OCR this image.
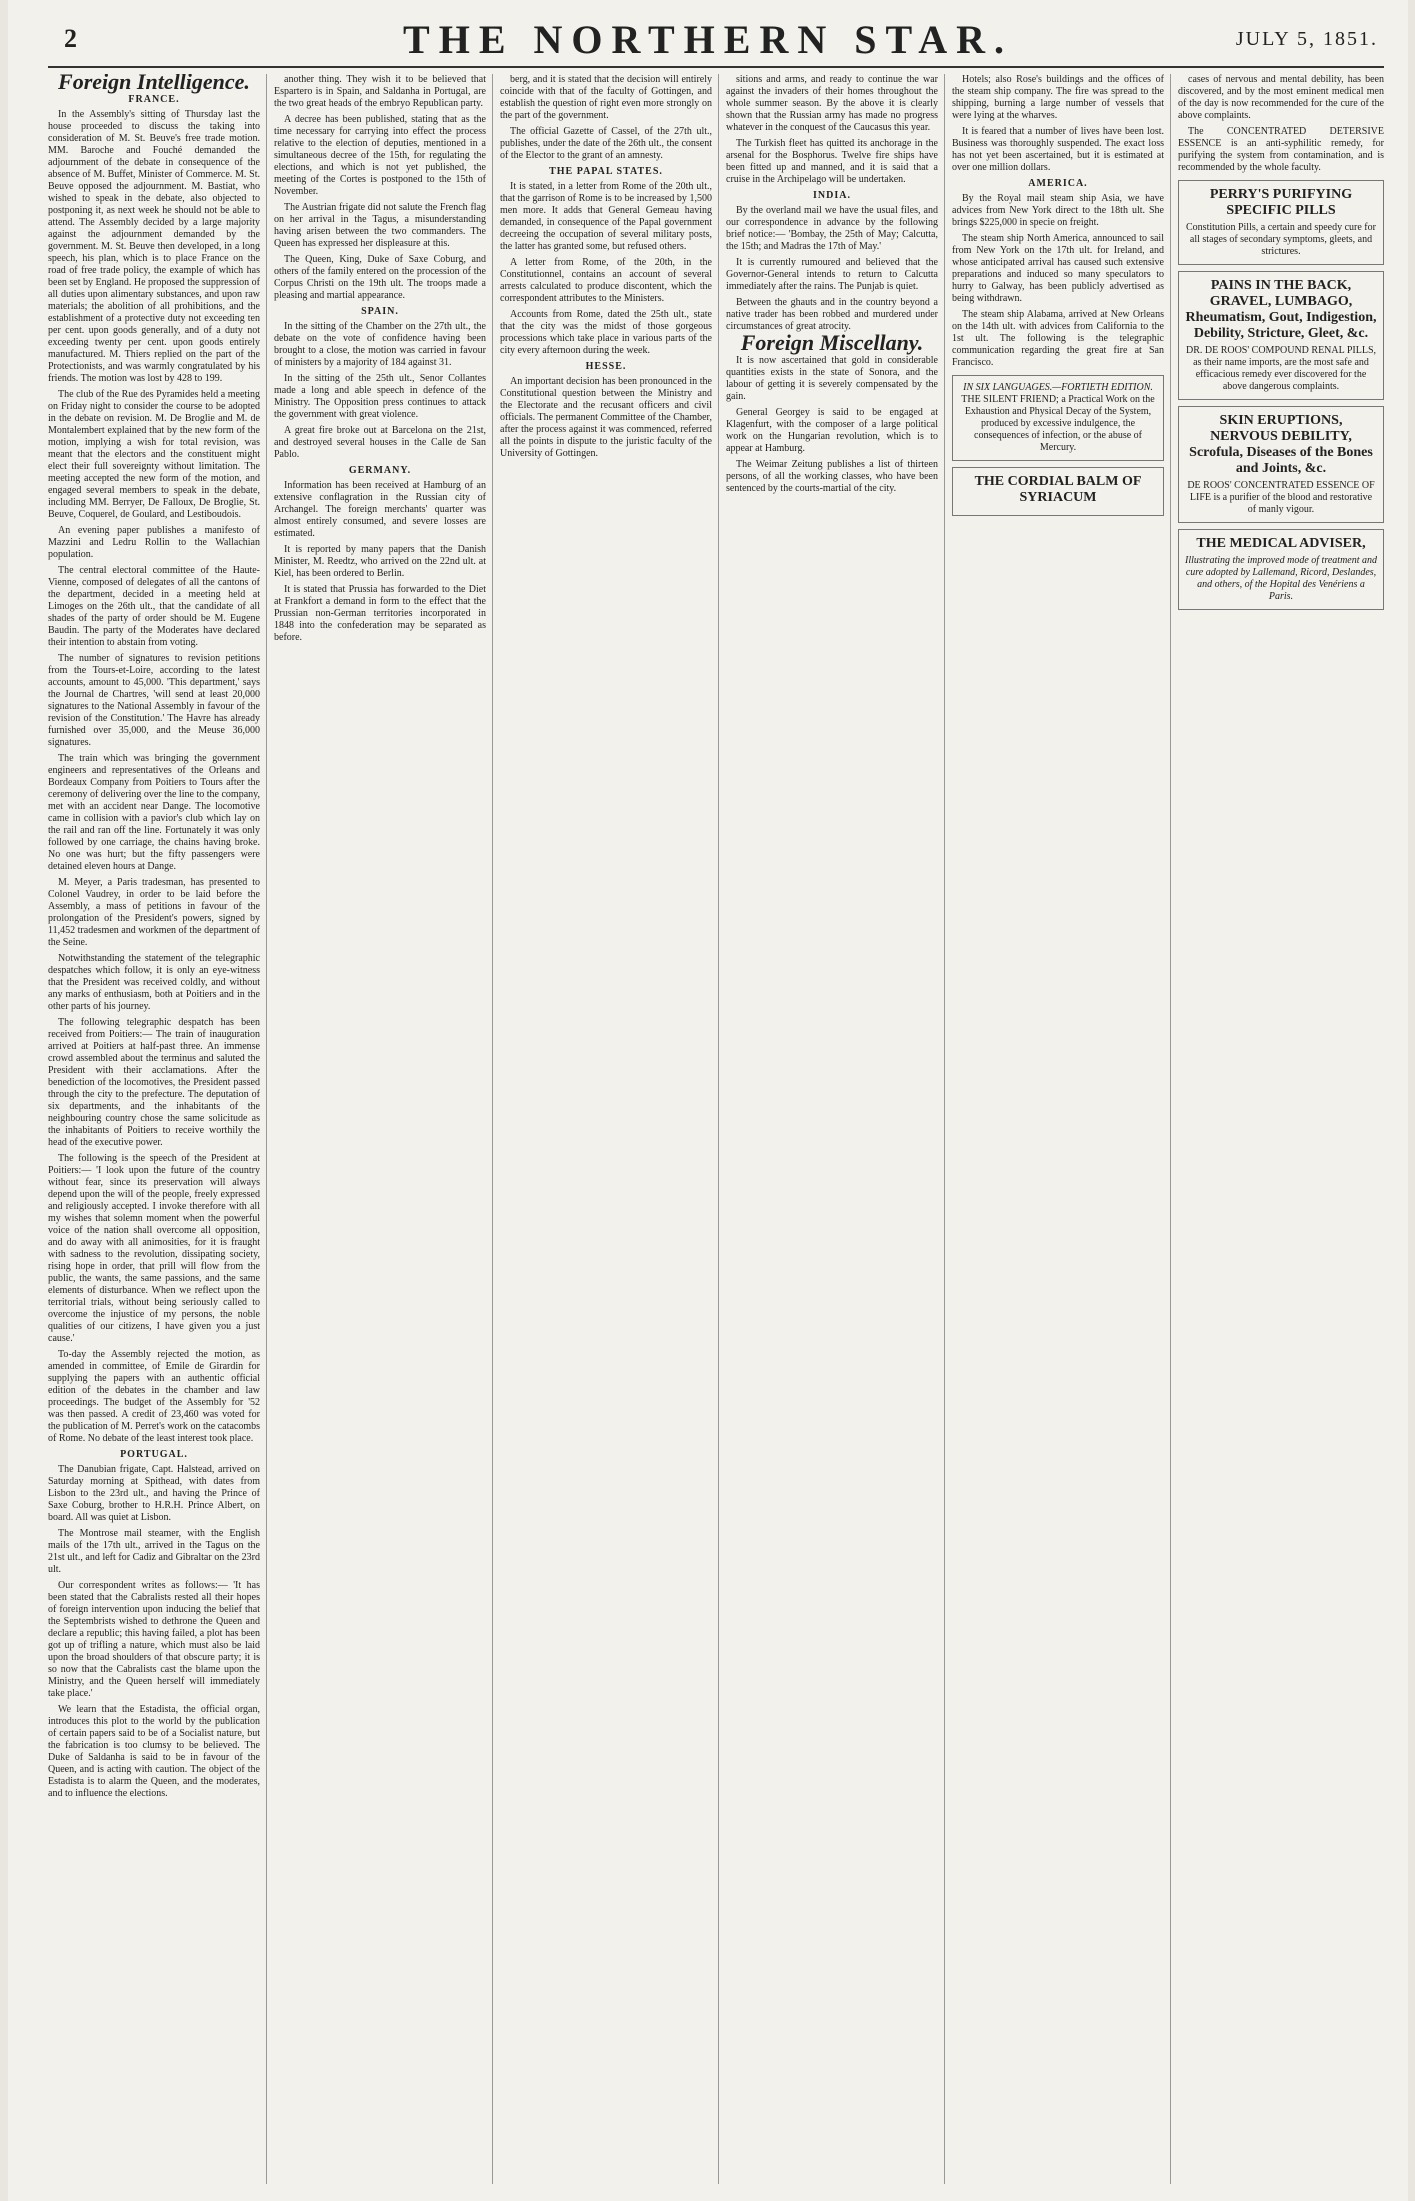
2	THE NORTHERN STAR.	JULY 5, 1851.
Foreign Intelligence.
FRANCE.

In the Assembly's sitting of Thursday last the house proceeded to discuss the taking into consideration of M. St. Beuve's free trade motion. MM. Baroche and Fouché demanded the adjournment of the debate in consequence of the absence of M. Buffet, Minister of Commerce. M. St. Beuve opposed the adjournment. M. Bastiat, who wished to speak in the debate, also objected to postponing it, as next week he should not be able to attend. The Assembly decided by a large majority against the adjournment demanded by the government. M. St. Beuve then developed, in a long speech, his plan, which is to place France on the road of free trade policy, the example of which has been set by England. He proposed the suppression of all duties upon alimentary substances, and upon raw materials; the abolition of all prohibitions, and the establishment of a protective duty not exceeding ten per cent. upon goods generally, and of a duty not exceeding twenty per cent. upon goods entirely manufactured. M. Thiers replied on the part of the Protectionists, and was warmly congratulated by his friends. The motion was lost by 428 to 199.

The club of the Rue des Pyramides held a meeting on Friday night to consider the course to be adopted in the debate on revision. M. De Broglie and M. de Montalembert explained that by the new form of the motion, implying a wish for total revision, was meant that the electors and the constituent might elect their full sovereignty without limitation. The meeting accepted the new form of the motion, and engaged several members to speak in the debate, including MM. Berryer, De Falloux, De Broglie, St. Beuve, Coquerel, de Goulard, and Lestiboudois.

An evening paper publishes a manifesto of Mazzini and Ledru Rollin to the Wallachian population.

The central electoral committee of the Haute-Vienne, composed of delegates of all the cantons of the department, decided in a meeting held at Limoges on the 26th ult., that the candidate of all shades of the party of order should be M. Eugene Baudin. The party of the Moderates have declared their intention to abstain from voting.

The number of signatures to revision petitions from the Tours-et-Loire, according to the latest accounts, amount to 45,000. 'This department,' says the Journal de Chartres, 'will send at least 20,000 signatures to the National Assembly in favour of the revision of the Constitution.' The Havre has already furnished over 35,000, and the Meuse 36,000 signatures.

The train which was bringing the government engineers and representatives of the Orleans and Bordeaux Company from Poitiers to Tours after the ceremony of delivering over the line to the company, met with an accident near Dange. The locomotive came in collision with a pavior's club which lay on the rail and ran off the line. Fortunately it was only followed by one carriage, the chains having broke. No one was hurt; but the fifty passengers were detained eleven hours at Dange.

M. Meyer, a Paris tradesman, has presented to Colonel Vaudrey, in order to be laid before the Assembly, a mass of petitions in favour of the prolongation of the President's powers, signed by 11,452 tradesmen and workmen of the department of the Seine.

Notwithstanding the statement of the telegraphic despatches which follow, it is only an eye-witness that the President was received coldly, and without any marks of enthusiasm, both at Poitiers and in the other parts of his journey.

The following telegraphic despatch has been received from Poitiers:— The train of inauguration arrived at Poitiers at half-past three. An immense crowd assembled about the terminus and saluted the President with their acclamations. After the benediction of the locomotives, the President passed through the city to the prefecture. The deputation of six departments, and the inhabitants of the neighbouring country chose the same solicitude as the inhabitants of Poitiers to receive worthily the head of the executive power.

The following is the speech of the President at Poitiers:— 'I look upon the future of the country without fear, since its preservation will always depend upon the will of the people, freely expressed and religiously accepted. I invoke therefore with all my wishes that solemn moment when the powerful voice of the nation shall overcome all opposition, and do away with all animosities, for it is fraught with sadness to the revolution, dissipating society, rising hope in order, that prill will flow from the public, the wants, the same passions, and the same elements of disturbance. When we reflect upon the territorial trials, without being seriously called to overcome the injustice of my persons, the noble qualities of our citizens, I have given you a just cause.'

To-day the Assembly rejected the motion, as amended in committee, of Emile de Girardin for supplying the papers with an authentic official edition of the debates in the chamber and law proceedings. The budget of the Assembly for '52 was then passed. A credit of 23,460 was voted for the publication of M. Perret's work on the catacombs of Rome. No debate of the least interest took place.

PORTUGAL.

The Danubian frigate, Capt. Halstead, arrived on Saturday morning at Spithead, with dates from Lisbon to the 23rd ult., and having the Prince of Saxe Coburg, brother to H.R.H. Prince Albert, on board. All was quiet at Lisbon.

The Montrose mail steamer, with the English mails of the 17th ult., arrived in the Tagus on the 21st ult., and left for Cadiz and Gibraltar on the 23rd ult.

Our correspondent writes as follows:— 'It has been stated that the Cabralists rested all their hopes of foreign intervention upon inducing the belief that the Septembrists wished to dethrone the Queen and declare a republic; this having failed, a plot has been got up of trifling a nature, which must also be laid upon the broad shoulders of that obscure party; it is so now that the Cabralists cast the blame upon the Ministry, and the Queen herself will immediately take place.'

We learn that the Estadista, the official organ, introduces this plot to the world by the publication of certain papers said to be of a Socialist nature, but the fabrication is too clumsy to be believed. The Duke of Saldanha is said to be in favour of the Queen, and is acting with caution. The object of the Estadista is to alarm the Queen, and the moderates, and to influence the elections.

another thing. They wish it to be believed that Espartero is in Spain, and Saldanha in Portugal, are the two great heads of the embryo Republican party.

A decree has been published, stating that as the time necessary for carrying into effect the process relative to the election of deputies, mentioned in a simultaneous decree of the 15th, for regulating the elections, and which is not yet published, the meeting of the Cortes is postponed to the 15th of November.

The Austrian frigate did not salute the French flag on her arrival in the Tagus, a misunderstanding having arisen between the two commanders. The Queen has expressed her displeasure at this.

The Queen, King, Duke of Saxe Coburg, and others of the family entered on the procession of the Corpus Christi on the 19th ult. The troops made a pleasing and martial appearance.

SPAIN.

In the sitting of the Chamber on the 27th ult., the debate on the vote of confidence having been brought to a close, the motion was carried in favour of ministers by a majority of 184 against 31.

In the sitting of the 25th ult., Senor Collantes made a long and able speech in defence of the Ministry. The Opposition press continues to attack the government with great violence.

A great fire broke out at Barcelona on the 21st, and destroyed several houses in the Calle de San Pablo.

GERMANY.

Information has been received at Hamburg of an extensive conflagration in the Russian city of Archangel. The foreign merchants' quarter was almost entirely consumed, and severe losses are estimated.

It is reported by many papers that the Danish Minister, M. Reedtz, who arrived on the 22nd ult. at Kiel, has been ordered to Berlin.

It is stated that Prussia has forwarded to the Diet at Frankfort a demand in form to the effect that the Prussian non-German territories incorporated in 1848 into the confederation may be separated as before.

berg, and it is stated that the decision will entirely coincide with that of the faculty of Gottingen, and establish the question of right even more strongly on the part of the government.

The official Gazette of Cassel, of the 27th ult., publishes, under the date of the 26th ult., the consent of the Elector to the grant of an amnesty.

THE PAPAL STATES.

It is stated, in a letter from Rome of the 20th ult., that the garrison of Rome is to be increased by 1,500 men more. It adds that General Gemeau having demanded, in consequence of the Papal government decreeing the occupation of several military posts, the latter has granted some, but refused others.

A letter from Rome, of the 20th, in the Constitutionnel, contains an account of several arrests calculated to produce discontent, which the correspondent attributes to the Ministers.

Accounts from Rome, dated the 25th ult., state that the city was the midst of those gorgeous processions which take place in various parts of the city every afternoon during the week.

HESSE.

An important decision has been pronounced in the Constitutional question between the Ministry and the Electorate and the recusant officers and civil officials. The permanent Committee of the Chamber, after the process against it was commenced, referred all the points in dispute to the juristic faculty of the University of Gottingen.

sitions and arms, and ready to continue the war against the invaders of their homes throughout the whole summer season. By the above it is clearly shown that the Russian army has made no progress whatever in the conquest of the Caucasus this year.

The Turkish fleet has quitted its anchorage in the arsenal for the Bosphorus. Twelve fire ships have been fitted up and manned, and it is said that a cruise in the Archipelago will be undertaken.

INDIA.

By the overland mail we have the usual files, and our correspondence in advance by the following brief notice:— 'Bombay, the 25th of May; Calcutta, the 15th; and Madras the 17th of May.'

It is currently rumoured and believed that the Governor-General intends to return to Calcutta immediately after the rains. The Punjab is quiet.

Between the ghauts and in the country beyond a native trader has been robbed and murdered under circumstances of great atrocity.

Foreign Miscellany.

It is now ascertained that gold in considerable quantities exists in the state of Sonora, and the labour of getting it is severely compensated by the gain.

General Georgey is said to be engaged at Klagenfurt, with the composer of a large political work on the Hungarian revolution, which is to appear at Hamburg.

The Weimar Zeitung publishes a list of thirteen persons, of all the working classes, who have been sentenced by the courts-martial of the city.

Hotels; also Rose's buildings and the offices of the steam ship company. The fire was spread to the shipping, burning a large number of vessels that were lying at the wharves.

It is feared that a number of lives have been lost. Business was thoroughly suspended. The exact loss has not yet been ascertained, but it is estimated at over one million dollars.

AMERICA.

By the Royal mail steam ship Asia, we have advices from New York direct to the 18th ult. She brings $225,000 in specie on freight.

The steam ship North America, announced to sail from New York on the 17th ult. for Ireland, and whose anticipated arrival has caused such extensive preparations and induced so many speculators to hurry to Galway, has been publicly advertised as being withdrawn.

The steam ship Alabama, arrived at New Orleans on the 14th ult. with advices from California to the 1st ult. The following is the telegraphic communication regarding the great fire at San Francisco.

IN SIX LANGUAGES.—FORTIETH EDITION.
THE SILENT FRIEND; a Practical Work on the Exhaustion and Physical Decay of the System, produced by excessive indulgence, the consequences of infection, or the abuse of Mercury.
THE CORDIAL BALM OF SYRIACUM

cases of nervous and mental debility, has been discovered, and by the most eminent medical men of the day is now recommended for the cure of the above complaints.

The CONCENTRATED DETERSIVE ESSENCE is an anti-syphilitic remedy, for purifying the system from contamination, and is recommended by the whole faculty.

PERRY'S PURIFYING SPECIFIC PILLS
Constitution Pills, a certain and speedy cure for all stages of secondary symptoms, gleets, and strictures.
PAINS IN THE BACK, GRAVEL, LUMBAGO, Rheumatism, Gout, Indigestion, Debility, Stricture, Gleet, &c.
DR. DE ROOS' COMPOUND RENAL PILLS, as their name imports, are the most safe and efficacious remedy ever discovered for the above dangerous complaints.
SKIN ERUPTIONS, NERVOUS DEBILITY, Scrofula, Diseases of the Bones and Joints, &c.
DE ROOS' CONCENTRATED ESSENCE OF LIFE is a purifier of the blood and restorative of manly vigour.
THE MEDICAL ADVISER,
Illustrating the improved mode of treatment and cure adopted by Lallemand, Ricord, Deslandes, and others, of the Hopital des Venériens a Paris.
